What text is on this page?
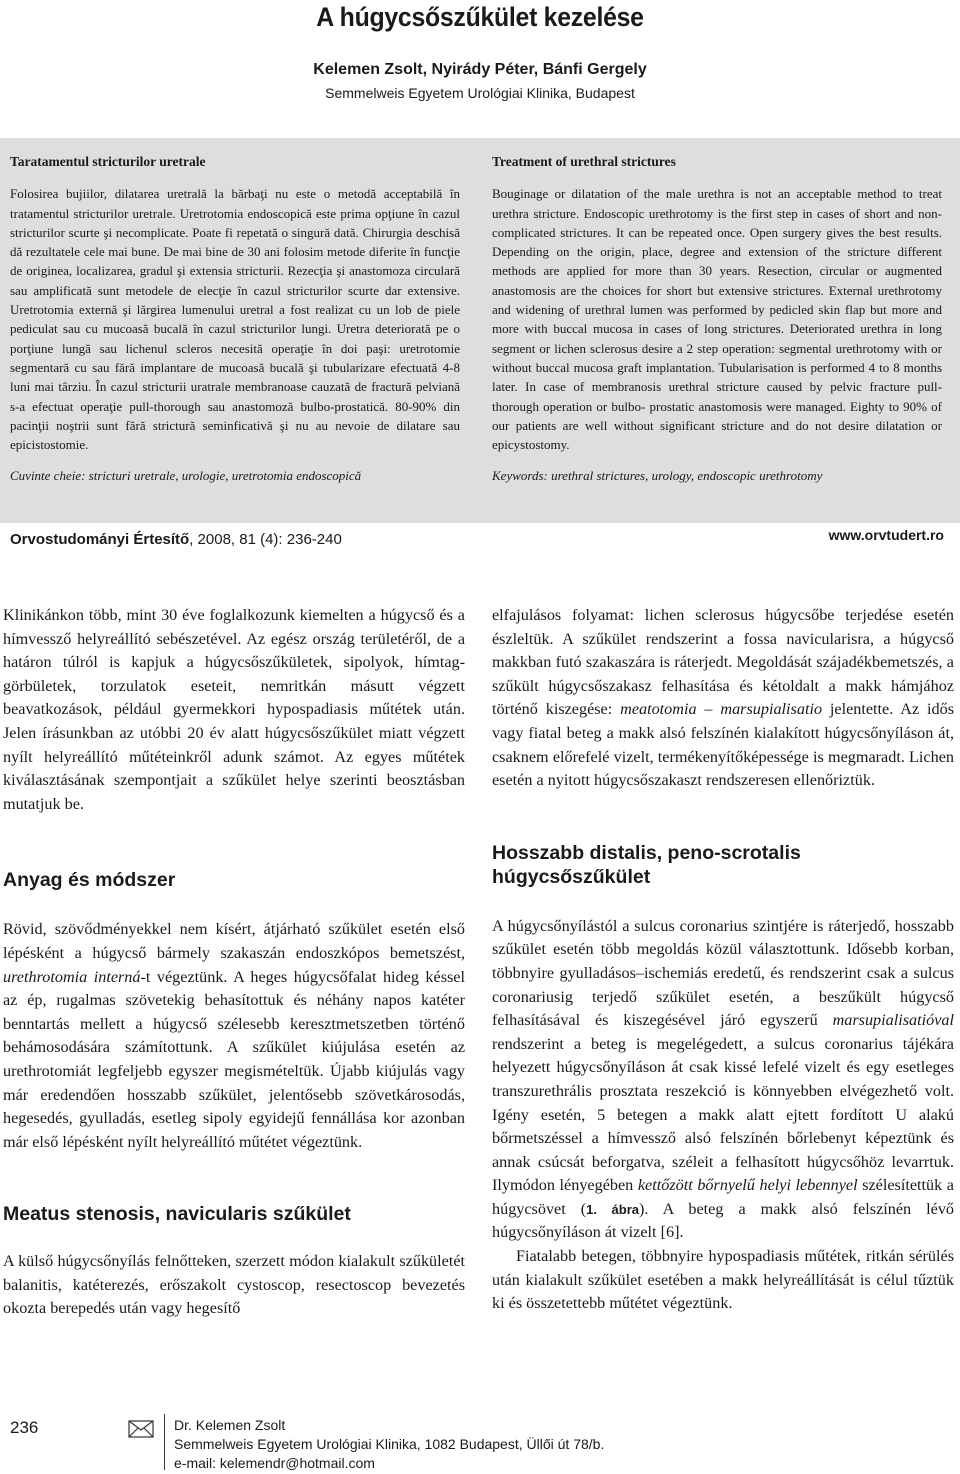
A húgycsőszűkület kezelése
Kelemen Zsolt, Nyirády Péter, Bánfi Gergely
Semmelweis Egyetem Urológiai Klinika, Budapest
Taratamentul stricturilor uretrale

Folosirea bujiilor, dilatarea uretrală la bărbaţi nu este o metodă acceptabilă în tratamentul stricturilor uretrale. Uretrotomia endoscopică este prima opţiune în cazul stricturilor scurte şi necomplicate. Poate fi repetată o singură dată. Chirurgia deschisă dă rezultatele cele mai bune. De mai bine de 30 ani folosim metode diferite în funcţie de originea, localizarea, gradul şi extensia stricturii. Rezecţia şi anastomoza circulară sau amplificată sunt metodele de elecţie în cazul stricturilor scurte dar extensive. Uretrotomia externă şi lărgirea lumenului uretral a fost realizat cu un lob de piele pediculat sau cu mucoasă bucală în cazul stricturilor lungi. Uretra deteriorată pe o porţiune lungă sau lichenul scleros necesită operaţie în doi paşi: uretrotomie segmentară cu sau fără implantare de mucoasă bucală şi tubularizare efectuată 4-8 luni mai târziu. În cazul stricturii uratrale membranoase cauzată de fractură pelviană s-a efectuat operaţie pull-thorough sau anastomoză bulbo-prostatică. 80-90% din pacinţii noştrii sunt fără strictură seminficativă şi nu au nevoie de dilatare sau epicistostomie.

Cuvinte cheie: stricturi uretrale, urologie, uretrotomia endoscopică
Treatment of urethral strictures

Bouginage or dilatation of the male urethra is not an acceptable method to treat urethra stricture. Endoscopic urethrotomy is the first step in cases of short and non-complicated strictures. It can be repeated once. Open surgery gives the best results. Depending on the origin, place, degree and extension of the stricture different methods are applied for more than 30 years. Resection, circular or augmented anastomosis are the choices for short but extensive strictures. External urethrotomy and widening of urethral lumen was performed by pedicled skin flap but more and more with buccal mucosa in cases of long strictures. Deteriorated urethra in long segment or lichen sclerosus desire a 2 step operation: segmental urethrotomy with or without buccal mucosa graft implantation. Tubularisation is performed 4 to 8 months later. In case of membranosis urethral stricture caused by pelvic fracture pull- thorough operation or bulbo- prostatic anastomosis were managed. Eighty to 90% of our patients are well without significant stricture and do not desire dilatation or epicystostomy.

Keywords: urethral strictures, urology, endoscopic urethrotomy
Orvostudományi Értesítő, 2008, 81 (4): 236-240	www.orvtudert.ro

Klinikánkon több, mint 30 éve foglalkozunk kiemelten a húgycső és a hímvessző helyreállító sebészetével. Az egész ország területéről, de a határon túlról is kapjuk a húgycsőszűkületek, sipolyok, hímtag-görbületek, torzulatok eseteit, nemritkán másutt végzett beavatkozások, például gyermekkori hypospadiasis műtétek után. Jelen írásunkban az utóbbi 20 év alatt húgycsőszűkület miatt végzett nyílt helyreállító műtéteinkről adunk számot. Az egyes műtétek kiválasztásának szempontjait a szűkület helye szerinti beosztásban mutatjuk be.

Anyag és módszer

Rövid, szövődményekkel nem kísért, átjárható szűkület esetén első lépésként a húgycső bármely szakaszán endoszkópos bemetszést, urethrotomia interná-t végeztünk. A heges húgycsőfalat hideg késsel az ép, rugalmas szövetekig behasítottuk és néhány napos katéter benntartás mellett a húgycső szélesebb keresztmetszetben történő behámosodására számítottunk. A szűkület kiújulása esetén az urethrotomiát legfeljebb egyszer megismételtük. Újabb kiújulás vagy már eredendően hosszabb szűkület, jelentősebb szövetkárosodás, hegesedés, gyulladás, esetleg sipoly egyidejű fennállása kor azonban már első lépésként nyílt helyreállító műtétet végeztünk.

Meatus stenosis, navicularis szűkület

A külső húgycsőnyílás felnőtteken, szerzett módon kialakult szűkületét balanitis, katéterezés, erőszakolt cystoscop, resectoscop bevezetés okozta berepedés után vagy hegesítő

elfajulásos folyamat: lichen sclerosus húgycsőbe terjedése esetén észleltük. A szűkület rendszerint a fossa navicularisra, a húgycső makkban futó szakaszára is ráterjedt. Megoldását szájadékbemetszés, a szűkült húgycsőszakasz felhasítása és kétoldalt a makk hámjához történő kiszegése: meatotomia – marsupialisatio jelentette. Az idős vagy fiatal beteg a makk alsó felszínén kialakított húgycsőnyíláson át, csaknem előrefelé vizelt, termékenyítőképessége is megmaradt. Lichen esetén a nyitott húgycsőszakaszt rendszeresen ellenőriztük.

Hosszabb distalis, peno-scrotalis húgycsőszűkület

A húgycsőnyílástól a sulcus coronarius szintjére is ráterjedő, hosszabb szűkület esetén több megoldás közül választottunk. Idősebb korban, többnyire gyulladásos–ischemiás eredetű, és rendszerint csak a sulcus coronariusig terjedő szűkület esetén, a beszűkült húgycső felhasításával és kiszegésével járó egyszerű marsupialisatióval rendszerint a beteg is megelégedett, a sulcus coronarius tájékára helyezett húgycsőnyíláson át csak kissé lefelé vizelt és egy esetleges transzurethrális prosztata reszekció is könnyebben elvégezhető volt. Igény esetén, 5 betegen a makk alatt ejtett fordított U alakú bőrmetszéssel a hímvessző alsó felszínén bőrlebenyt képeztünk és annak csúcsát beforgatva, széleit a felhasított húgycsőhöz levarrtuk. Ilymódon lényegében kettőzött bőrnyelű helyi lebennyel szélesítettük a húgycsövet (1. ábra). A beteg a makk alsó felszínén lévő húgycsőnyíláson át vizelt [6].

Fiatalabb betegen, többnyire hypospadiasis műtétek, ritkán sérülés után kialakult szűkület esetében a makk helyreállítását is célul tűztük ki és összetettebb műtétet végeztünk.

236	Dr. Kelemen Zsolt
Semmelweis Egyetem Urológiai Klinika, 1082 Budapest, Üllői út 78/b.
e-mail: kelemendr@hotmail.com
